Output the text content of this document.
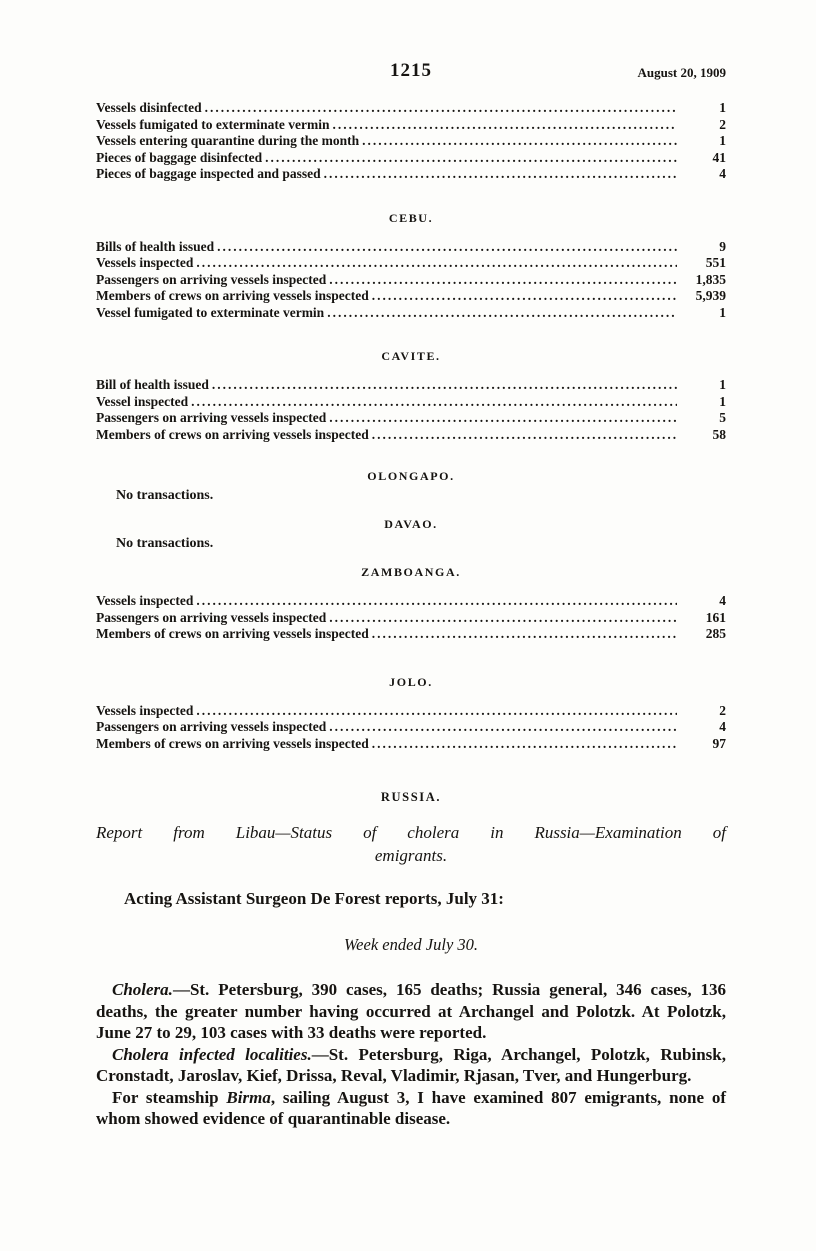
1215	August 20, 1909
Vessels disinfected .....	1
Vessels fumigated to exterminate vermin .....	2
Vessels entering quarantine during the month .....	1
Pieces of baggage disinfected .....	41
Pieces of baggage inspected and passed .....	4
CEBU.
Bills of health issued .....	9
Vessels inspected .....	551
Passengers on arriving vessels inspected .....	1,835
Members of crews on arriving vessels inspected .....	5,939
Vessel fumigated to exterminate vermin .....	1
CAVITE.
Bill of health issued .....	1
Vessel inspected .....	1
Passengers on arriving vessels inspected .....	5
Members of crews on arriving vessels inspected .....	58
OLONGAPO.
No transactions.
DAVAO.
No transactions.
ZAMBOANGA.
Vessels inspected .....	4
Passengers on arriving vessels inspected .....	161
Members of crews on arriving vessels inspected .....	285
JOLO.
Vessels inspected .....	2
Passengers on arriving vessels inspected .....	4
Members of crews on arriving vessels inspected .....	97
RUSSIA.
Report from Libau—Status of cholera in Russia—Examination of
emigrants.

Acting Assistant Surgeon De Forest reports, July 31:

Week ended July 30.

Cholera.—St. Petersburg, 390 cases, 165 deaths; Russia general, 346 cases, 136 deaths, the greater number having occurred at Archangel and Polotzk. At Polotzk, June 27 to 29, 103 cases with 33 deaths were reported.

Cholera infected localities.—St. Petersburg, Riga, Archangel, Polotzk, Rubinsk, Cronstadt, Jaroslav, Kief, Drissa, Reval, Vladimir, Rjasan, Tver, and Hungerburg.

For steamship Birma, sailing August 3, I have examined 807 emigrants, none of whom showed evidence of quarantinable disease.
